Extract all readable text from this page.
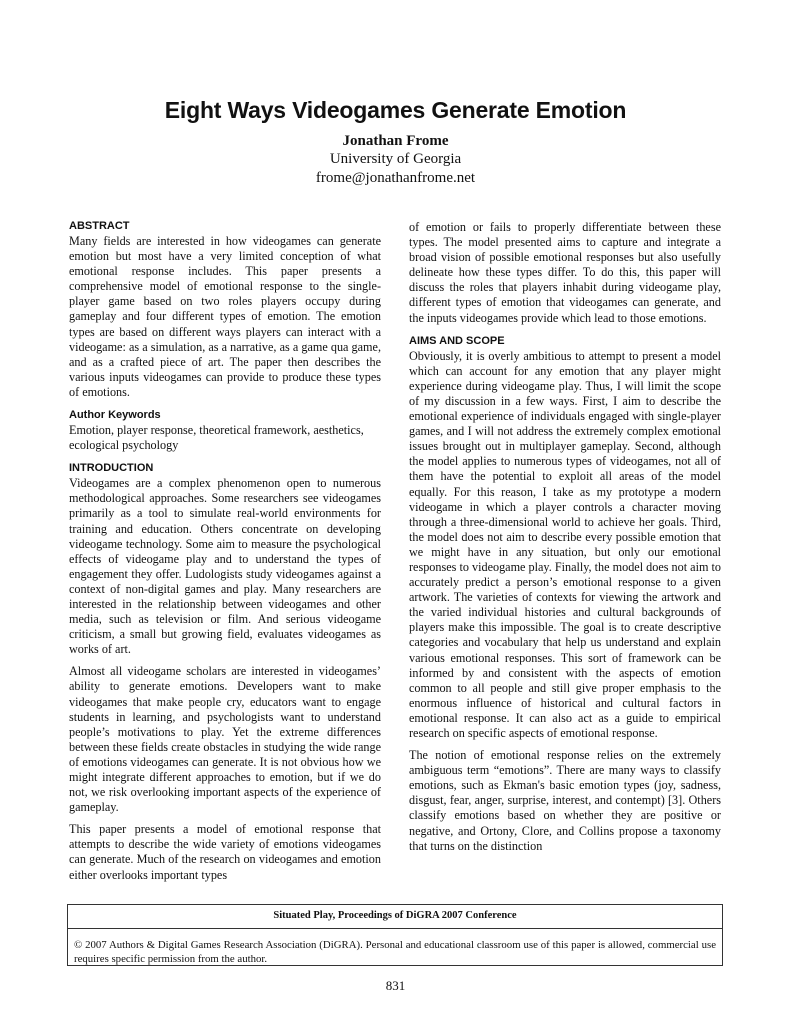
Eight Ways Videogames Generate Emotion
Jonathan Frome
University of Georgia
frome@jonathanfrome.net
ABSTRACT

Many fields are interested in how videogames can generate emotion but most have a very limited conception of what emotional response includes. This paper presents a comprehensive model of emotional response to the single-player game based on two roles players occupy during gameplay and four different types of emotion. The emotion types are based on different ways players can interact with a videogame: as a simulation, as a narrative, as a game qua game, and as a crafted piece of art. The paper then describes the various inputs videogames can provide to produce these types of emotions.

Author Keywords

Emotion, player response, theoretical framework, aesthetics, ecological psychology

INTRODUCTION

Videogames are a complex phenomenon open to numerous methodological approaches. Some researchers see videogames primarily as a tool to simulate real-world environments for training and education. Others concentrate on developing videogame technology. Some aim to measure the psychological effects of videogame play and to understand the types of engagement they offer. Ludologists study videogames against a context of non-digital games and play. Many researchers are interested in the relationship between videogames and other media, such as television or film. And serious videogame criticism, a small but growing field, evaluates videogames as works of art.

Almost all videogame scholars are interested in videogames’ ability to generate emotions. Developers want to make videogames that make people cry, educators want to engage students in learning, and psychologists want to understand people’s motivations to play. Yet the extreme differences between these fields create obstacles in studying the wide range of emotions videogames can generate. It is not obvious how we might integrate different approaches to emotion, but if we do not, we risk overlooking important aspects of the experience of gameplay.

This paper presents a model of emotional response that attempts to describe the wide variety of emotions videogames can generate. Much of the research on videogames and emotion either overlooks important types

of emotion or fails to properly differentiate between these types. The model presented aims to capture and integrate a broad vision of possible emotional responses but also usefully delineate how these types differ. To do this, this paper will discuss the roles that players inhabit during videogame play, different types of emotion that videogames can generate, and the inputs videogames provide which lead to those emotions.

AIMS AND SCOPE

Obviously, it is overly ambitious to attempt to present a model which can account for any emotion that any player might experience during videogame play. Thus, I will limit the scope of my discussion in a few ways. First, I aim to describe the emotional experience of individuals engaged with single-player games, and I will not address the extremely complex emotional issues brought out in multiplayer gameplay. Second, although the model applies to numerous types of videogames, not all of them have the potential to exploit all areas of the model equally. For this reason, I take as my prototype a modern videogame in which a player controls a character moving through a three-dimensional world to achieve her goals. Third, the model does not aim to describe every possible emotion that we might have in any situation, but only our emotional responses to videogame play. Finally, the model does not aim to accurately predict a person’s emotional response to a given artwork. The varieties of contexts for viewing the artwork and the varied individual histories and cultural backgrounds of players make this impossible. The goal is to create descriptive categories and vocabulary that help us understand and explain various emotional responses. This sort of framework can be informed by and consistent with the aspects of emotion common to all people and still give proper emphasis to the enormous influence of historical and cultural factors in emotional response. It can also act as a guide to empirical research on specific aspects of emotional response.

The notion of emotional response relies on the extremely ambiguous term “emotions”. There are many ways to classify emotions, such as Ekman's basic emotion types (joy, sadness, disgust, fear, anger, surprise, interest, and contempt) [3]. Others classify emotions based on whether they are positive or negative, and Ortony, Clore, and Collins propose a taxonomy that turns on the distinction

Situated Play, Proceedings of DiGRA 2007 Conference
© 2007 Authors & Digital Games Research Association (DiGRA). Personal and educational classroom use of this paper is allowed, commercial use requires specific permission from the author.
831
